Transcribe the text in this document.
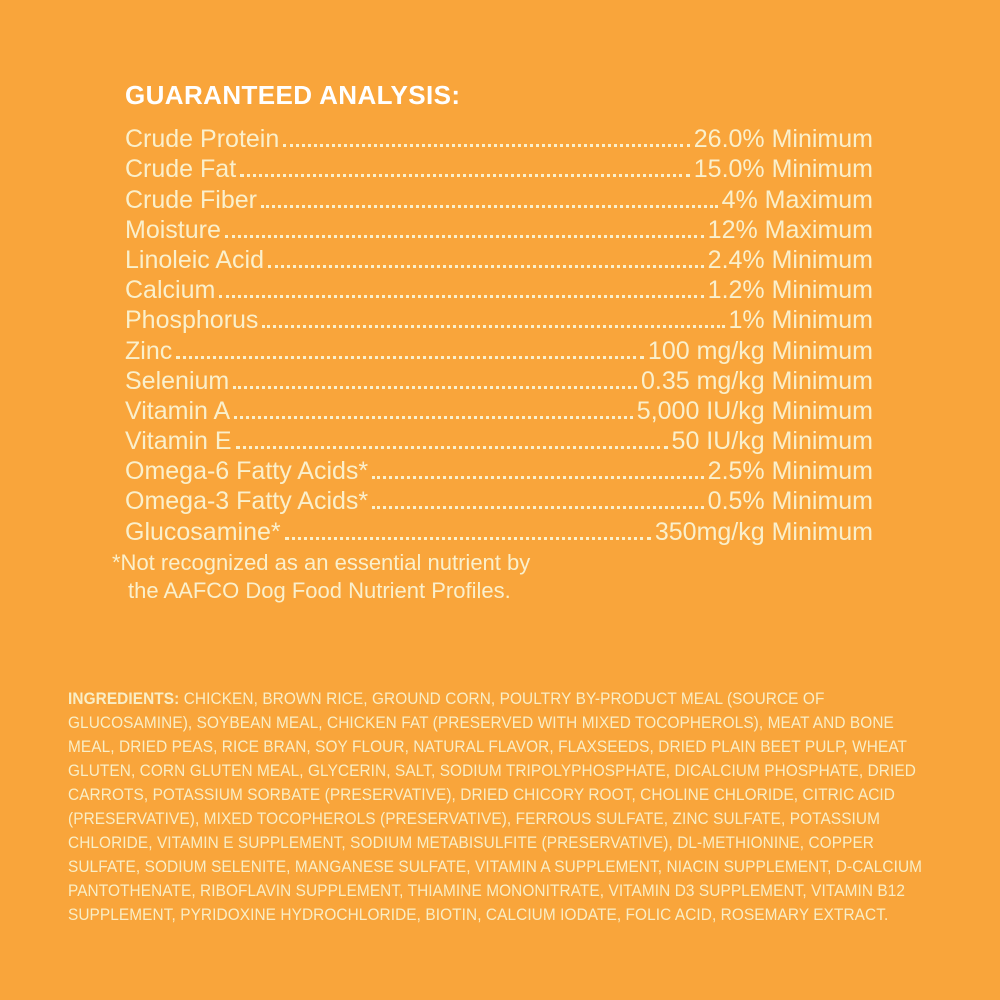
GUARANTEED ANALYSIS:
Crude Protein	26.0% Minimum
Crude Fat	15.0% Minimum
Crude Fiber	4% Maximum
Moisture	12% Maximum
Linoleic Acid	2.4% Minimum
Calcium	1.2% Minimum
Phosphorus	1% Minimum
Zinc	100 mg/kg Minimum
Selenium	0.35 mg/kg Minimum
Vitamin A	5,000 IU/kg Minimum
Vitamin E	50 IU/kg Minimum
Omega-6 Fatty Acids*	2.5% Minimum
Omega-3 Fatty Acids*	0.5% Minimum
Glucosamine*	350mg/kg Minimum
*Not recognized as an essential nutrient by
the AAFCO Dog Food Nutrient Profiles.

INGREDIENTS: CHICKEN, BROWN RICE, GROUND CORN, POULTRY BY-PRODUCT MEAL (SOURCE OF GLUCOSAMINE), SOYBEAN MEAL, CHICKEN FAT (PRESERVED WITH MIXED TOCOPHEROLS), MEAT AND BONE MEAL, DRIED PEAS, RICE BRAN, SOY FLOUR, NATURAL FLAVOR, FLAXSEEDS, DRIED PLAIN BEET PULP, WHEAT GLUTEN, CORN GLUTEN MEAL, GLYCERIN, SALT, SODIUM TRIPOLYPHOSPHATE, DICALCIUM PHOSPHATE, DRIED CARROTS, POTASSIUM SORBATE (PRESERVATIVE), DRIED CHICORY ROOT, CHOLINE CHLORIDE, CITRIC ACID (PRESERVATIVE), MIXED TOCOPHEROLS (PRESERVATIVE), FERROUS SULFATE, ZINC SULFATE, POTASSIUM CHLORIDE, VITAMIN E SUPPLEMENT, SODIUM METABISULFITE (PRESERVATIVE), DL-METHIONINE, COPPER SULFATE, SODIUM SELENITE, MANGANESE SULFATE, VITAMIN A SUPPLEMENT, NIACIN SUPPLEMENT, D-CALCIUM PANTOTHENATE, RIBOFLAVIN SUPPLEMENT, THIAMINE MONONITRATE, VITAMIN D3 SUPPLEMENT, VITAMIN B12 SUPPLEMENT, PYRIDOXINE HYDROCHLORIDE, BIOTIN, CALCIUM IODATE, FOLIC ACID, ROSEMARY EXTRACT.
